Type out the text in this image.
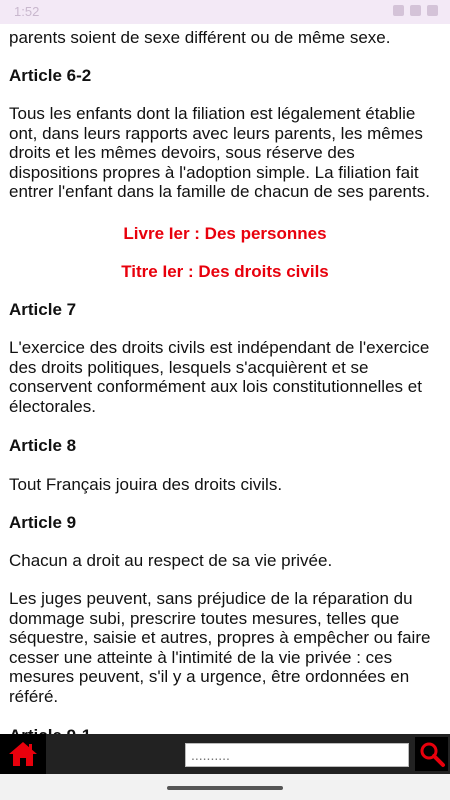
parents soient de sexe différent ou de même sexe.
Article 6-2
Tous les enfants dont la filiation est légalement établie ont, dans leurs rapports avec leurs parents, les mêmes droits et les mêmes devoirs, sous réserve des dispositions propres à l'adoption simple. La filiation fait entrer l'enfant dans la famille de chacun de ses parents.
Livre Ier : Des personnes
Titre Ier : Des droits civils
Article 7
L'exercice des droits civils est indépendant de l'exercice des droits politiques, lesquels s'acquièrent et se conservent conformément aux lois constitutionnelles et électorales.
Article 8
Tout Français jouira des droits civils.
Article 9
Chacun a droit au respect de sa vie privée.
Les juges peuvent, sans préjudice de la réparation du dommage subi, prescrire toutes mesures, telles que séquestre, saisie et autres, propres à empêcher ou faire cesser une atteinte à l'intimité de la vie privée : ces mesures peuvent, s'il y a urgence, être ordonnées en référé.
1:52
..........
